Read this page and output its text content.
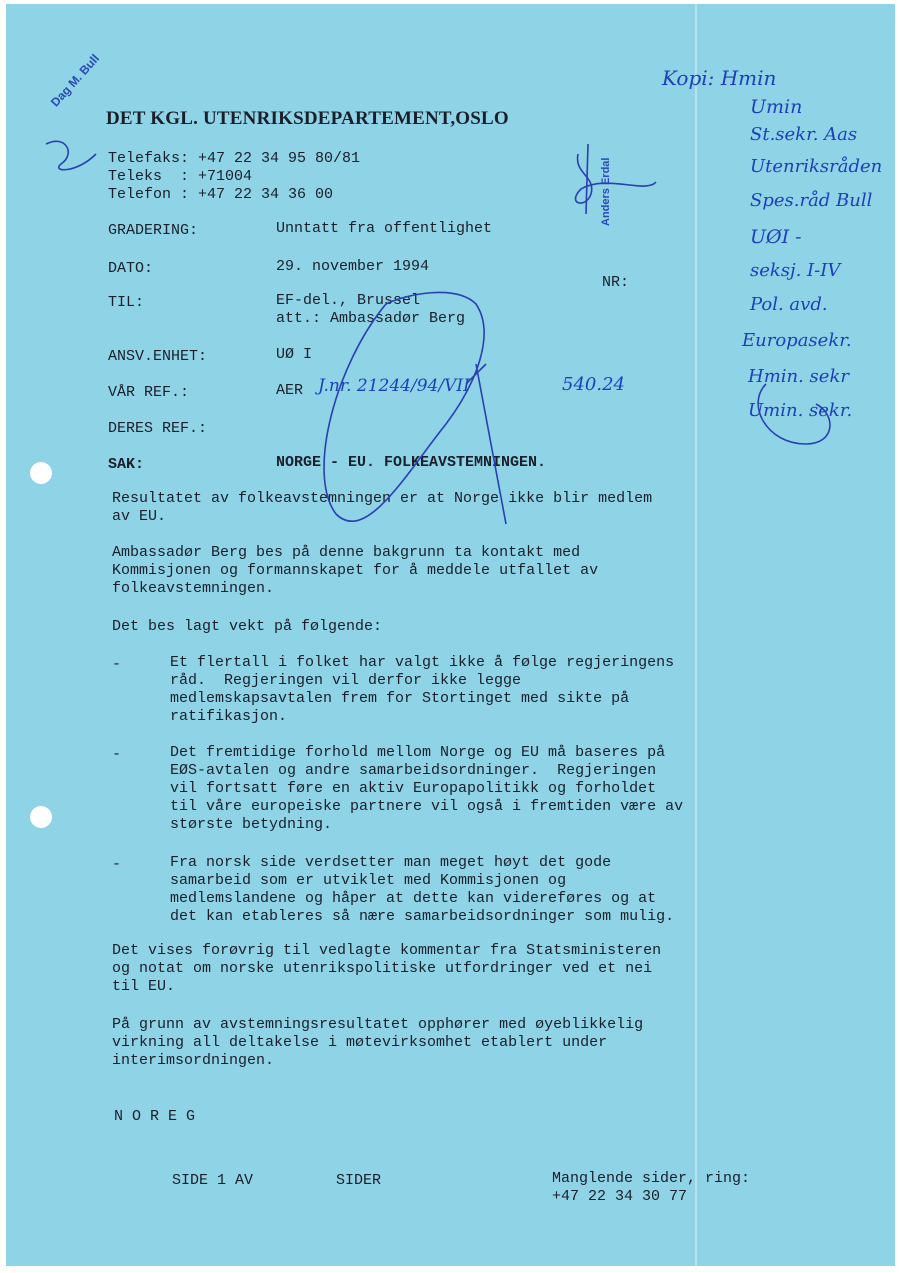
DET KGL. UTENRIKSDEPARTEMENT,OSLO
Telefaks: +47 22 34 95 80/81
Teleks  : +71004
Telefon : +47 22 34 36 00
GRADERING:	Unntatt fra offentlighet
DATO:	29. november 1994
NR:
TIL:	EF-del., Brussel
att.: Ambassadør Berg
ANSV.ENHET:	UØ I
VÅR REF.:	AER
DERES REF.:
SAK:	NORGE - EU. FOLKEAVSTEMNINGEN.
Resultatet av folkeavstemningen er at Norge ikke blir medlem
av EU.
Ambassadør Berg bes på denne bakgrunn ta kontakt med
Kommisjonen og formannskapet for å meddele utfallet av
folkeavstemningen.
Det bes lagt vekt på følgende:
-	Et flertall i folket har valgt ikke å følge regjeringens
råd.  Regjeringen vil derfor ikke legge
medlemskapsavtalen frem for Stortinget med sikte på
ratifikasjon.
-	Det fremtidige forhold mellom Norge og EU må baseres på
EØS-avtalen og andre samarbeidsordninger.  Regjeringen
vil fortsatt føre en aktiv Europapolitikk og forholdet
til våre europeiske partnere vil også i fremtiden være av
største betydning.
-	Fra norsk side verdsetter man meget høyt det gode
samarbeid som er utviklet med Kommisjonen og
medlemslandene og håper at dette kan videreføres og at
det kan etableres så nære samarbeidsordninger som mulig.
Det vises forøvrig til vedlagte kommentar fra Statsministeren
og notat om norske utenrikspolitiske utfordringer ved et nei
til EU.
På grunn av avstemningsresultatet opphører med øyeblikkelig
virkning all deltakelse i møtevirksomhet etablert under
interimsordningen.
N O R E G
SIDE 1 AV	SIDER	Manglende sider, ring:
+47 22 34 30 77
Dag M. Bull
Anders Erdal
J.nr. 21244/94/VII	540.24
Kopi: Hmin
Umin
St.sekr. Aas
Utenriksråden
Spes.råd Bull
UØI -
seksj. I-IV
Pol. avd.
Europasekr.
Hmin. sekr
Umin. sekr.
